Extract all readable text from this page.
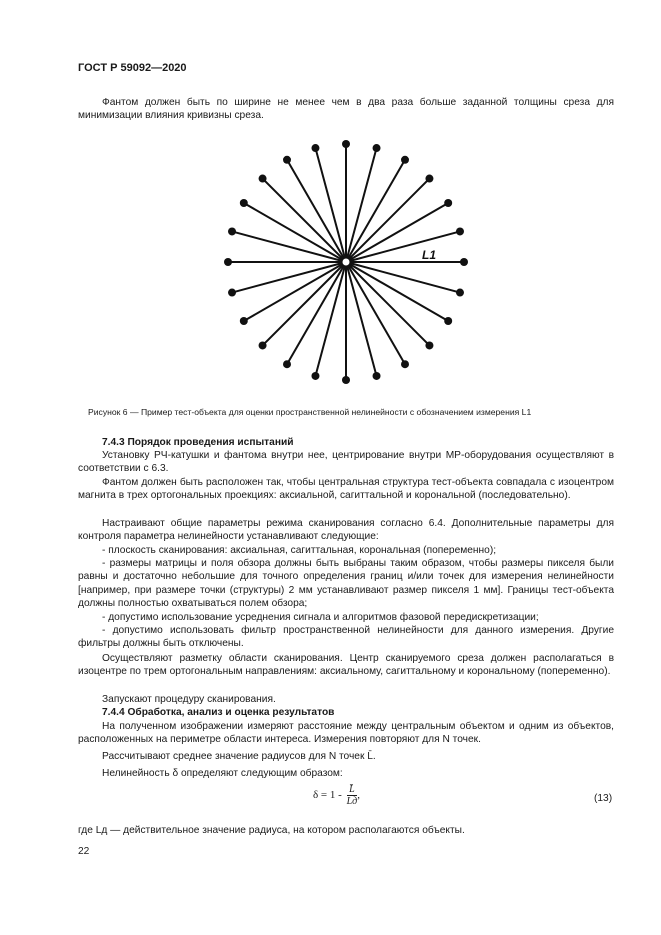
ГОСТ Р 59092—2020
Фантом должен быть по ширине не менее чем в два раза больше заданной толщины среза для минимизации влияния кривизны среза.
L1
Рисунок 6 — Пример тест-объекта для оценки пространственной нелинейности с обозначением измерения L1
7.4.3 Порядок проведения испытаний
Установку РЧ-катушки и фантома внутри нее, центрирование внутри МР-оборудования осуществляют в соответствии с 6.3.
Фантом должен быть расположен так, чтобы центральная структура тест-объекта совпадала с изоцентром магнита в трех ортогональных проекциях: аксиальной, сагиттальной и корональной (последовательно).
Настраивают общие параметры режима сканирования согласно 6.4. Дополнительные параметры для контроля параметра нелинейности устанавливают следующие:
- плоскость сканирования: аксиальная, сагиттальная, корональная (попеременно);
- размеры матрицы и поля обзора должны быть выбраны таким образом, чтобы размеры пикселя были равны и достаточно небольшие для точного определения границ и/или точек для измерения нелинейности [например, при размере точки (структуры) 2 мм устанавливают размер пикселя 1 мм]. Границы тест-объекта должны полностью охватываться полем обзора;
- допустимо использование усреднения сигнала и алгоритмов фазовой передискретизации;
- допустимо использовать фильтр пространственной нелинейности для данного измерения. Другие фильтры должны быть отключены.
Осуществляют разметку области сканирования. Центр сканируемого среза должен располагаться в изоцентре по трем ортогональным направлениям: аксиальному, сагиттальному и корональному (попеременно).
Запускают процедуру сканирования.
7.4.4 Обработка, анализ и оценка результатов
На полученном изображении измеряют расстояние между центральным объектом и одним из объектов, расположенных на периметре области интереса. Измерения повторяют для N точек.
Рассчитывают среднее значение радиусов для N точек L̄.
Нелинейность δ определяют следующим образом:
$\delta = 1 - \frac{L̄}{Lд}$ ,	(13)
где Lд — действительное значение радиуса, на котором располагаются объекты.
22
